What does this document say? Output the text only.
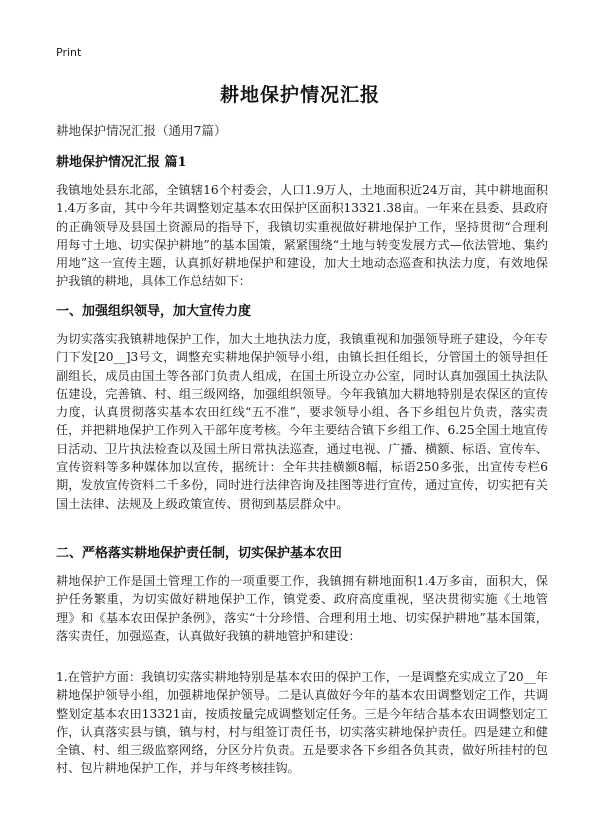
Print
耕地保护情况汇报
耕地保护情况汇报（通用7篇）
耕地保护情况汇报 篇1

我镇地处县东北部，全镇辖16个村委会，人口1.9万人，土地面积近24万亩，其中耕地面积1.4万多亩，其中今年共调整划定基本农田保护区面积13321.38亩。一年来在县委、县政府的正确领导及县国土资源局的指导下，我镇切实重视做好耕地保护工作，坚持贯彻“合理利用每寸土地、切实保护耕地”的基本国策，紧紧围绕“土地与转变发展方式—依法管地、集约用地”这一宣传主题，认真抓好耕地保护和建设，加大土地动态巡查和执法力度，有效地保护我镇的耕地，具体工作总结如下：

一、加强组织领导，加大宣传力度

为切实落实我镇耕地保护工作，加大土地执法力度，我镇重视和加强领导班子建设，今年专门下发[20__]3号文，调整充实耕地保护领导小组，由镇长担任组长，分管国土的领导担任副组长，成员由国土等各部门负责人组成，在国土所设立办公室，同时认真加强国土执法队伍建设，完善镇、村、组三级网络，加强组织领导。今年我镇加大耕地特别是农保区的宣传力度，认真贯彻落实基本农田红线“五不准”，要求领导小组、各下乡组包片负责，落实责任，并把耕地保护工作列入干部年度考核。今年主要结合镇下乡组工作、6.25全国土地宣传日活动、卫片执法检查以及国土所日常执法巡查，通过电视、广播、横额、标语、宣传车、宣传资料等多种媒体加以宣传，据统计：全年共挂横额8幅，标语250多张，出宣传专栏6期，发放宣传资料二千多份，同时进行法律咨询及挂图等进行宣传，通过宣传，切实把有关国土法律、法规及上级政策宣传、贯彻到基层群众中。

二、严格落实耕地保护责任制，切实保护基本农田

耕地保护工作是国土管理工作的一项重要工作，我镇拥有耕地面积1.4万多亩，面积大，保护任务繁重，为切实做好耕地保护工作，镇党委、政府高度重视，坚决贯彻实施《土地管理》和《基本农田保护条例》，落实“十分珍惜、合理利用土地、切实保护耕地”基本国策，落实责任，加强巡查，认真做好我镇的耕地管护和建设：

1.在管护方面：我镇切实落实耕地特别是基本农田的保护工作，一是调整充实成立了20__年耕地保护领导小组，加强耕地保护领导。二是认真做好今年的基本农田调整划定工作，共调整划定基本农田13321亩，按质按量完成调整划定任务。三是今年结合基本农田调整划定工作，认真落实县与镇，镇与村，村与组签订责任书，切实落实耕地保护责任。四是建立和健全镇、村、组三级监察网络，分区分片负责。五是要求各下乡组各负其责，做好所挂村的包村、包片耕地保护工作，并与年终考核挂钩。
